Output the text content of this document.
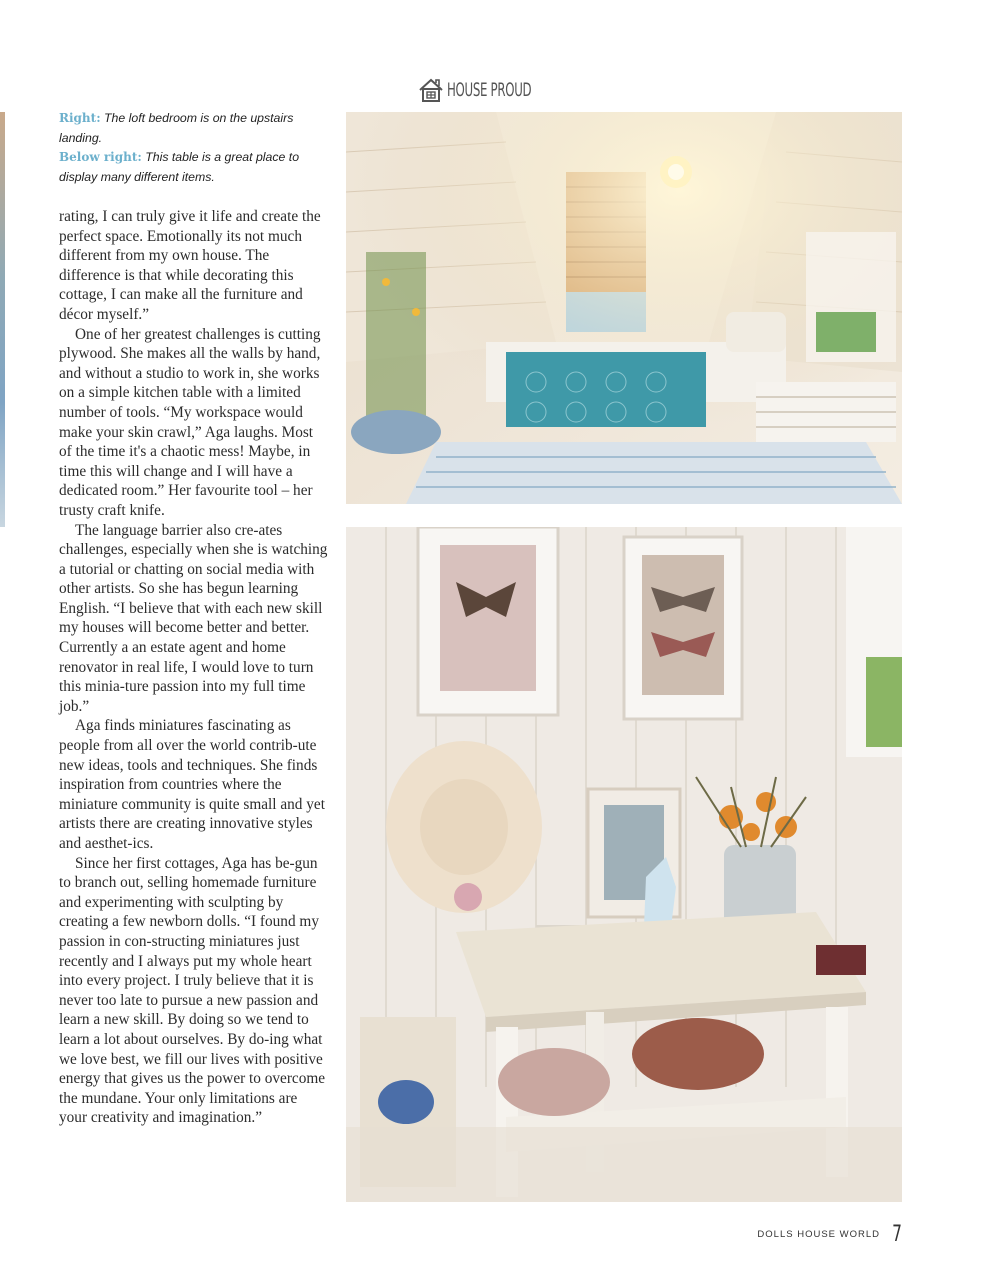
HOUSE PROUD
Right: The loft bedroom is on the upstairs landing.
Below right: This table is a great place to display many different items.

rating, I can truly give it life and create the perfect space. Emotionally its not much different from my own house. The difference is that while decorating this cottage, I can make all the furniture and décor myself.”

One of her greatest challenges is cutting plywood. She makes all the walls by hand, and without a studio to work in, she works on a simple kitchen table with a limited number of tools. “My workspace would make your skin crawl,” Aga laughs. Most of the time it's a chaotic mess! Maybe, in time this will change and I will have a dedicated room.” Her favourite tool – her trusty craft knife.

The language barrier also cre-ates challenges, especially when she is watching a tutorial or chatting on social media with other artists. So she has begun learning English. “I believe that with each new skill my houses will become better and better. Currently a an estate agent and home renovator in real life, I would love to turn this minia-ture passion into my full time job.”

Aga finds miniatures fascinating as people from all over the world contrib-ute new ideas, tools and techniques. She finds inspiration from countries where the miniature community is quite small and yet artists there are creating innovative styles and aesthet-ics.

Since her first cottages, Aga has be-gun to branch out, selling homemade furniture and experimenting with sculpting by creating a few newborn dolls. “I found my passion in con-structing miniatures just recently and I always put my whole heart into every project. I truly believe that it is never too late to pursue a new passion and learn a new skill. By doing so we tend to learn a lot about ourselves. By do-ing what we love best, we fill our lives with positive energy that gives us the power to overcome the mundane. Your only limitations are your creativity and imagination.”

DOLLS HOUSE WORLD 7
